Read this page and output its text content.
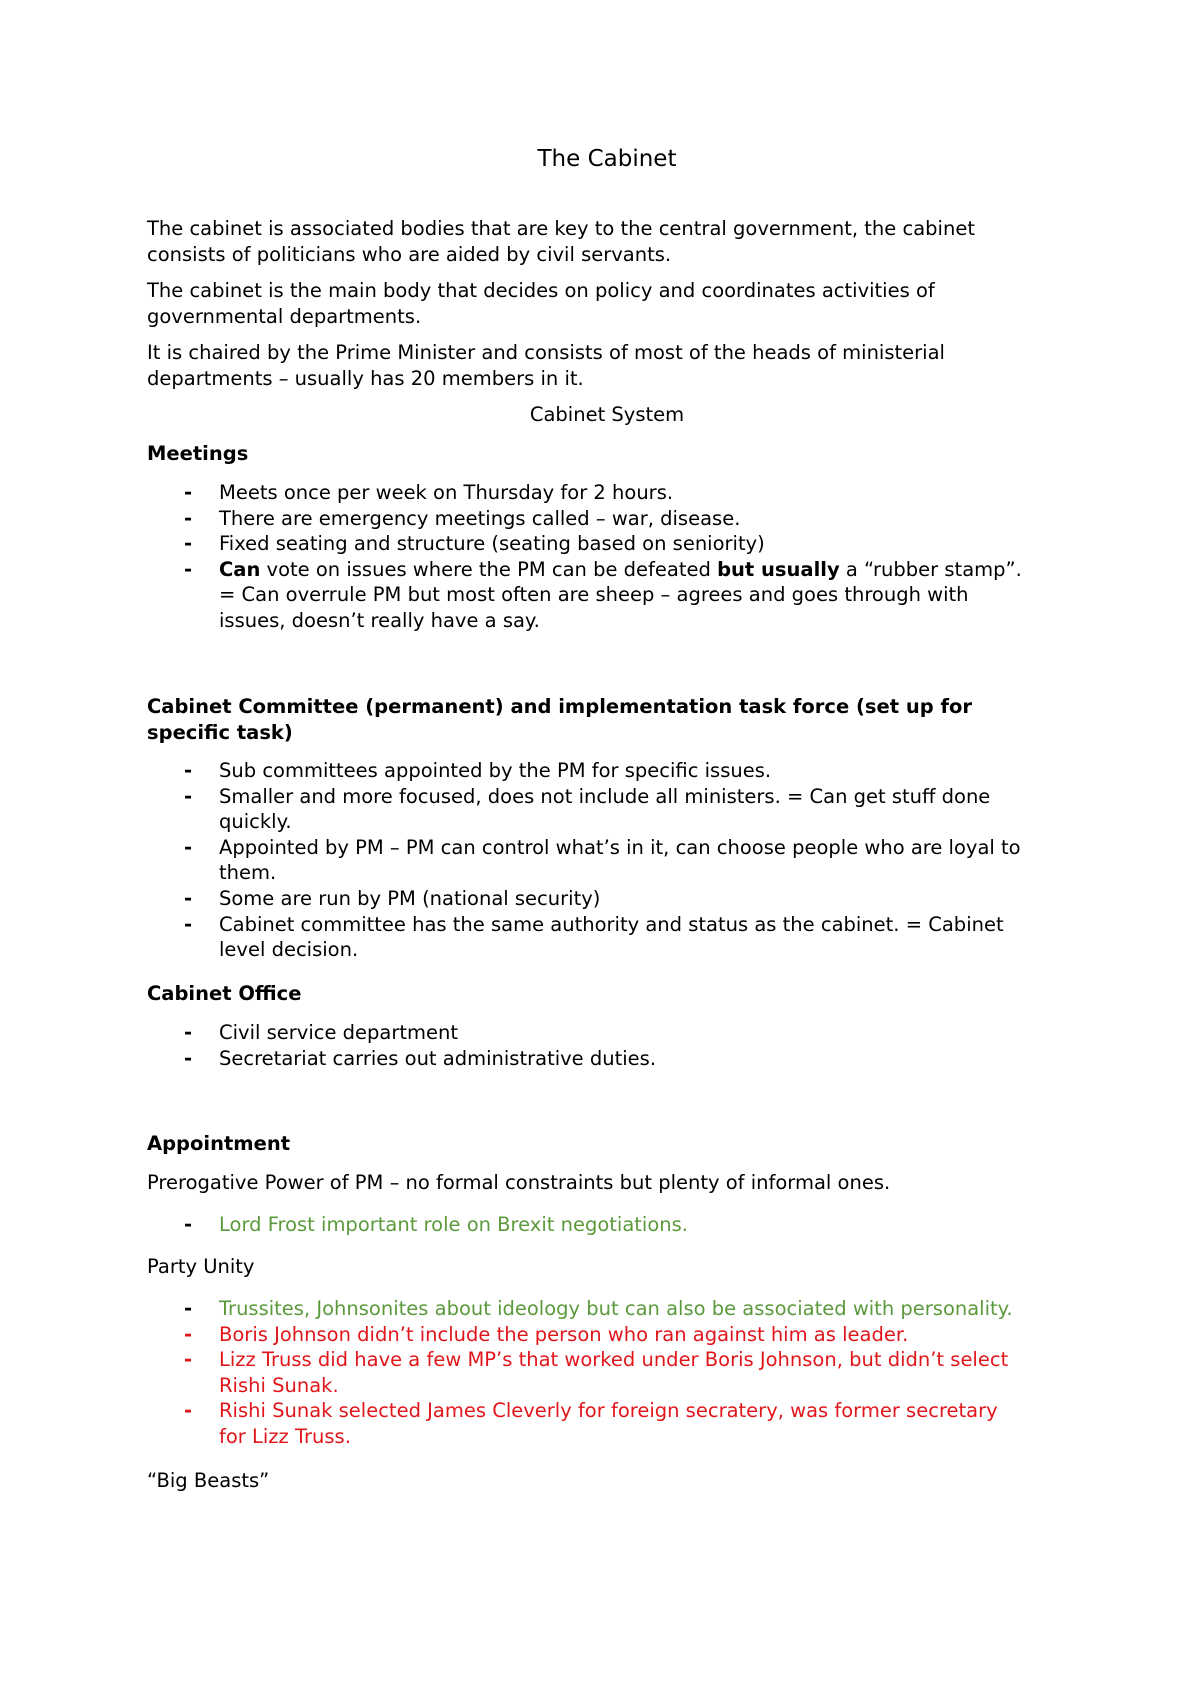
The Cabinet

The cabinet is associated bodies that are key to the central government, the cabinet
consists of politicians who are aided by civil servants.

The cabinet is the main body that decides on policy and coordinates activities of
governmental departments.

It is chaired by the Prime Minister and consists of most of the heads of ministerial
departments – usually has 20 members in it.

Cabinet System

Meetings

- Meets once per week on Thursday for 2 hours.
- There are emergency meetings called – war, disease.
- Fixed seating and structure (seating based on seniority)
- Can vote on issues where the PM can be defeated but usually a “rubber stamp”.
= Can overrule PM but most often are sheep – agrees and goes through with
issues, doesn’t really have a say.

Cabinet Committee (permanent) and implementation task force (set up for
specific task)

- Sub committees appointed by the PM for specific issues.
- Smaller and more focused, does not include all ministers. = Can get stuff done
quickly.
- Appointed by PM – PM can control what’s in it, can choose people who are loyal to
them.
- Some are run by PM (national security)
- Cabinet committee has the same authority and status as the cabinet. = Cabinet
level decision.

Cabinet Office

- Civil service department
- Secretariat carries out administrative duties.

Appointment

Prerogative Power of PM – no formal constraints but plenty of informal ones.

- Lord Frost important role on Brexit negotiations.

Party Unity

- Trussites, Johnsonites about ideology but can also be associated with personality.
- Boris Johnson didn’t include the person who ran against him as leader.
- Lizz Truss did have a few MP’s that worked under Boris Johnson, but didn’t select
Rishi Sunak.
- Rishi Sunak selected James Cleverly for foreign secratery, was former secretary
for Lizz Truss.

“Big Beasts”
